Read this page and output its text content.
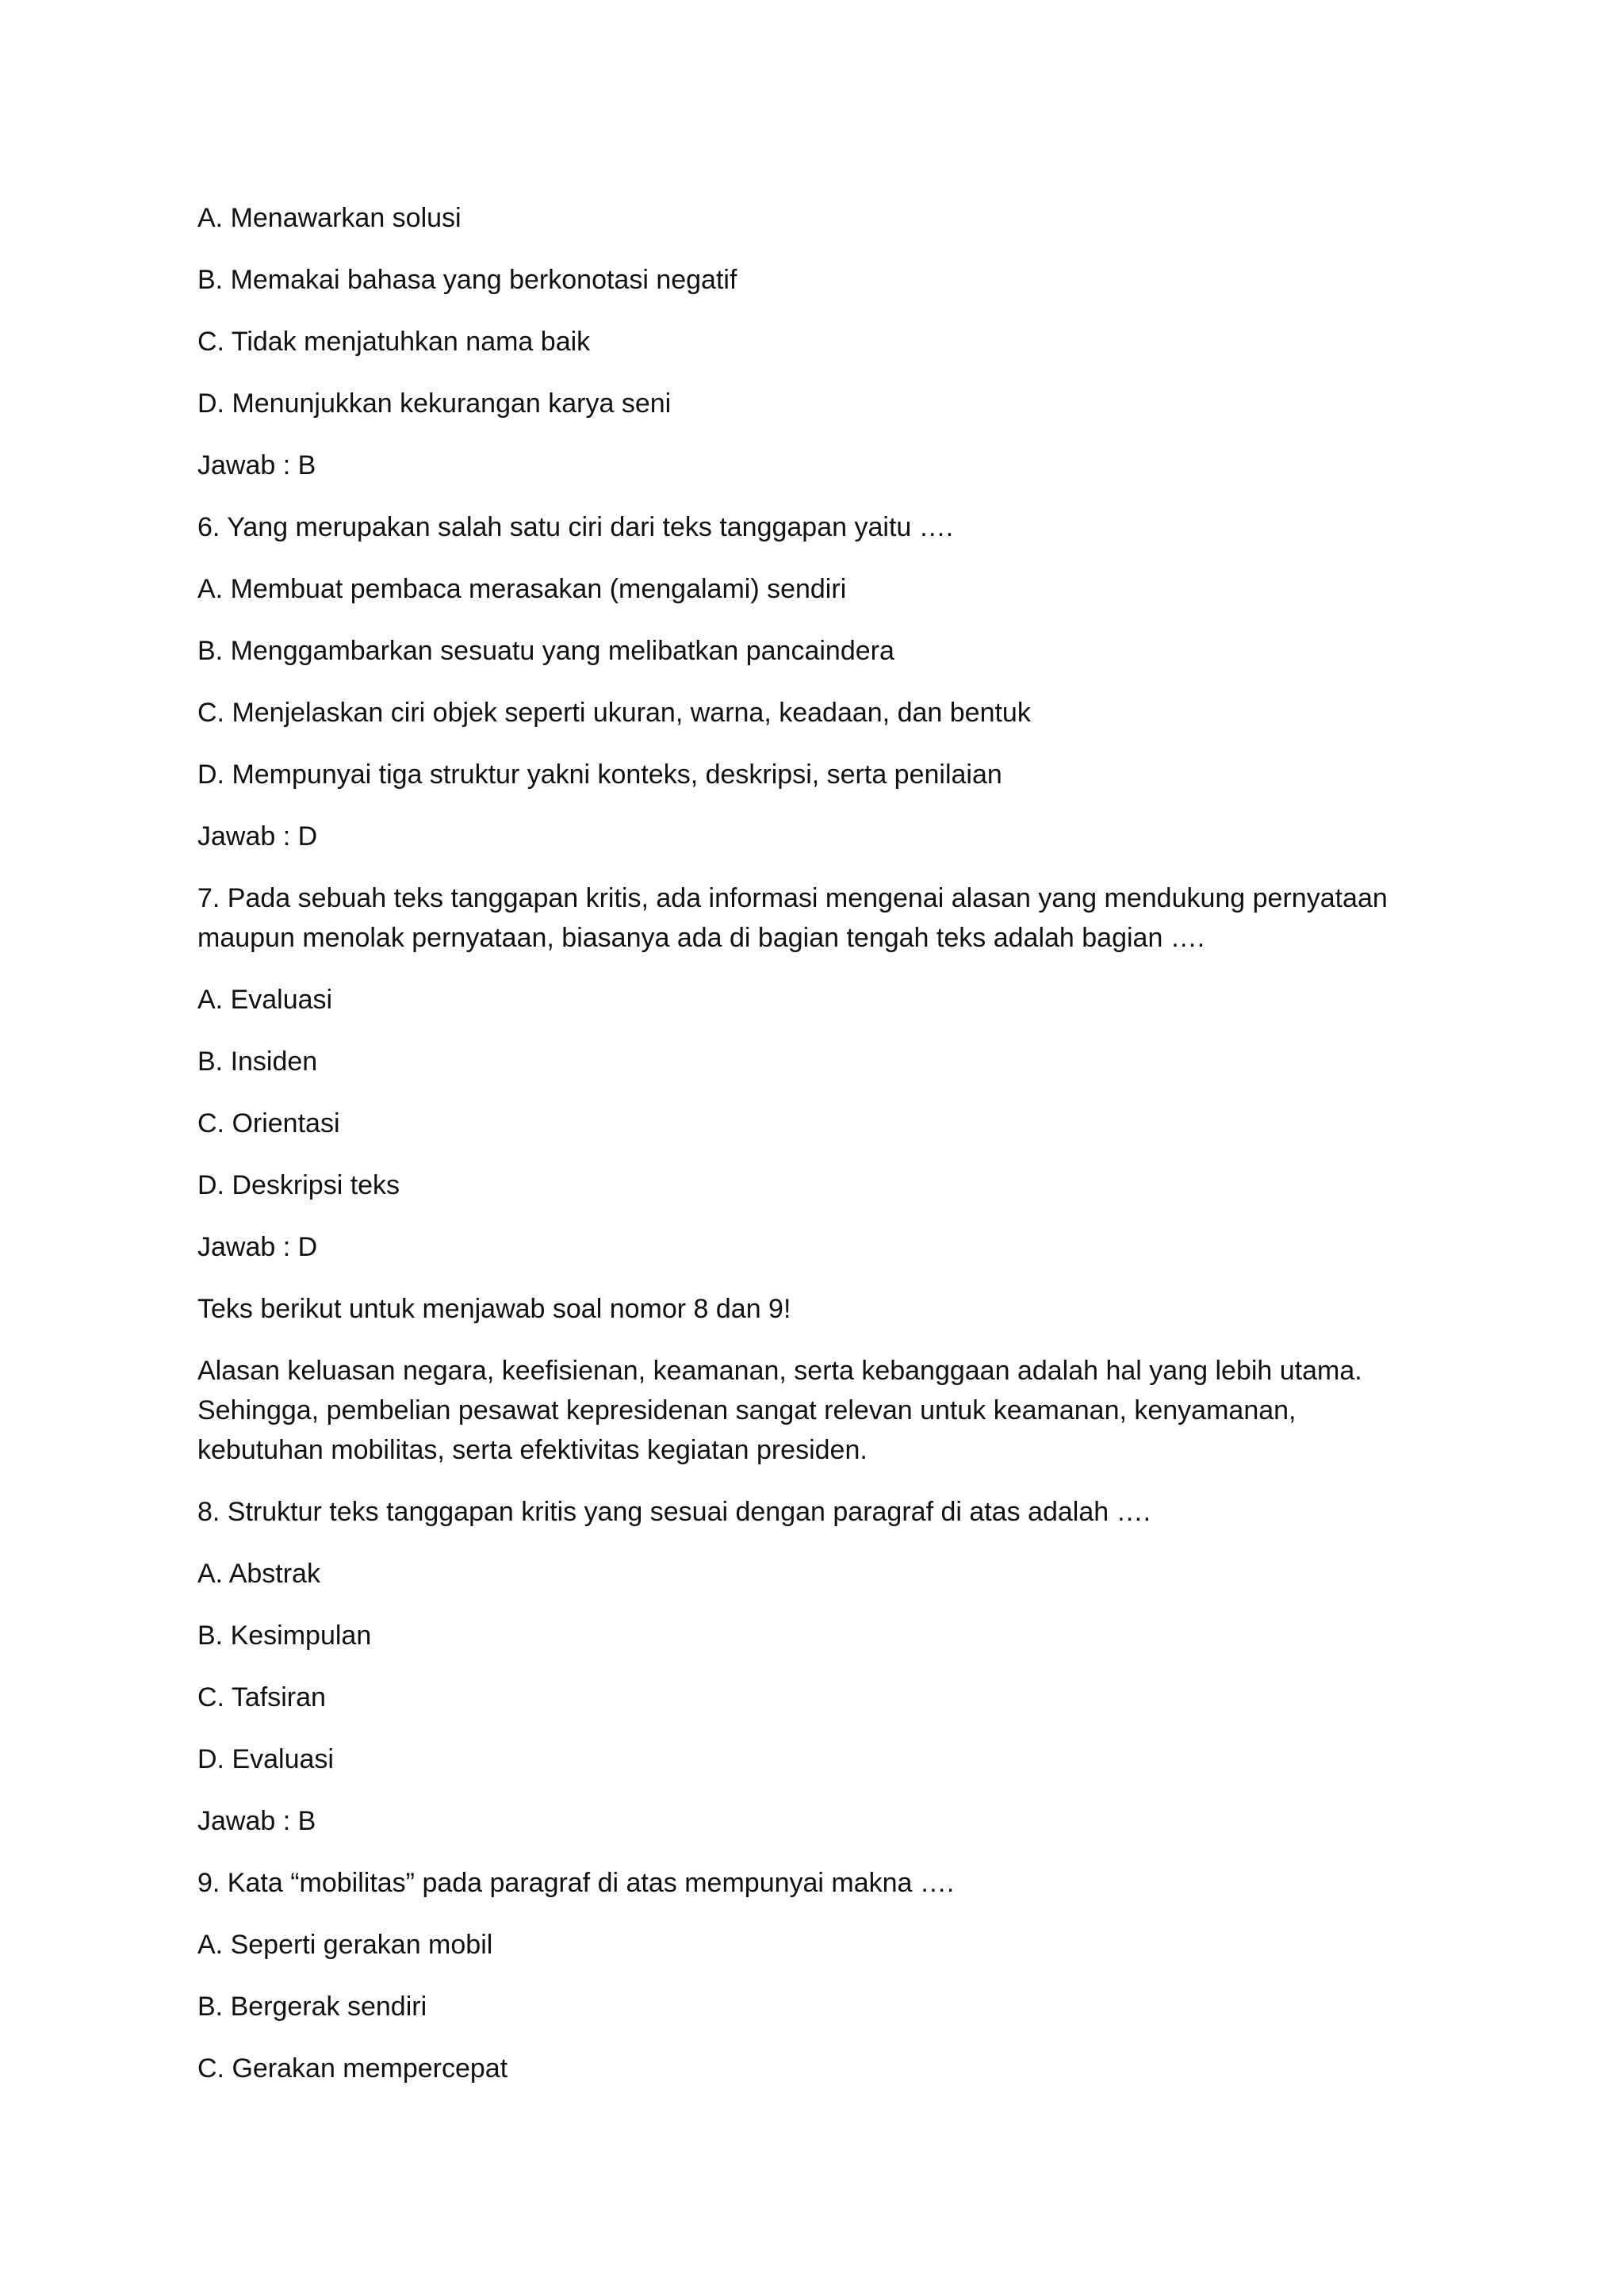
A. Menawarkan solusi

B. Memakai bahasa yang berkonotasi negatif

C. Tidak menjatuhkan nama baik

D. Menunjukkan kekurangan karya seni

Jawab : B

6. Yang merupakan salah satu ciri dari teks tanggapan yaitu ….

A. Membuat pembaca merasakan (mengalami) sendiri

B. Menggambarkan sesuatu yang melibatkan pancaindera

C. Menjelaskan ciri objek seperti ukuran, warna, keadaan, dan bentuk

D. Mempunyai tiga struktur yakni konteks, deskripsi, serta penilaian

Jawab : D

7. Pada sebuah teks tanggapan kritis, ada informasi mengenai alasan yang mendukung pernyataan

maupun menolak pernyataan, biasanya ada di bagian tengah teks adalah bagian ….

A. Evaluasi

B. Insiden

C. Orientasi

D. Deskripsi teks

Jawab : D

Teks berikut untuk menjawab soal nomor 8 dan 9!

Alasan keluasan negara, keefisienan, keamanan, serta kebanggaan adalah hal yang lebih utama.

Sehingga, pembelian pesawat kepresidenan sangat relevan untuk keamanan, kenyamanan,

kebutuhan mobilitas, serta efektivitas kegiatan presiden.

8. Struktur teks tanggapan kritis yang sesuai dengan paragraf di atas adalah ….

A. Abstrak

B. Kesimpulan

C. Tafsiran

D. Evaluasi

Jawab : B

9. Kata “mobilitas” pada paragraf di atas mempunyai makna ….

A. Seperti gerakan mobil

B. Bergerak sendiri

C. Gerakan mempercepat
